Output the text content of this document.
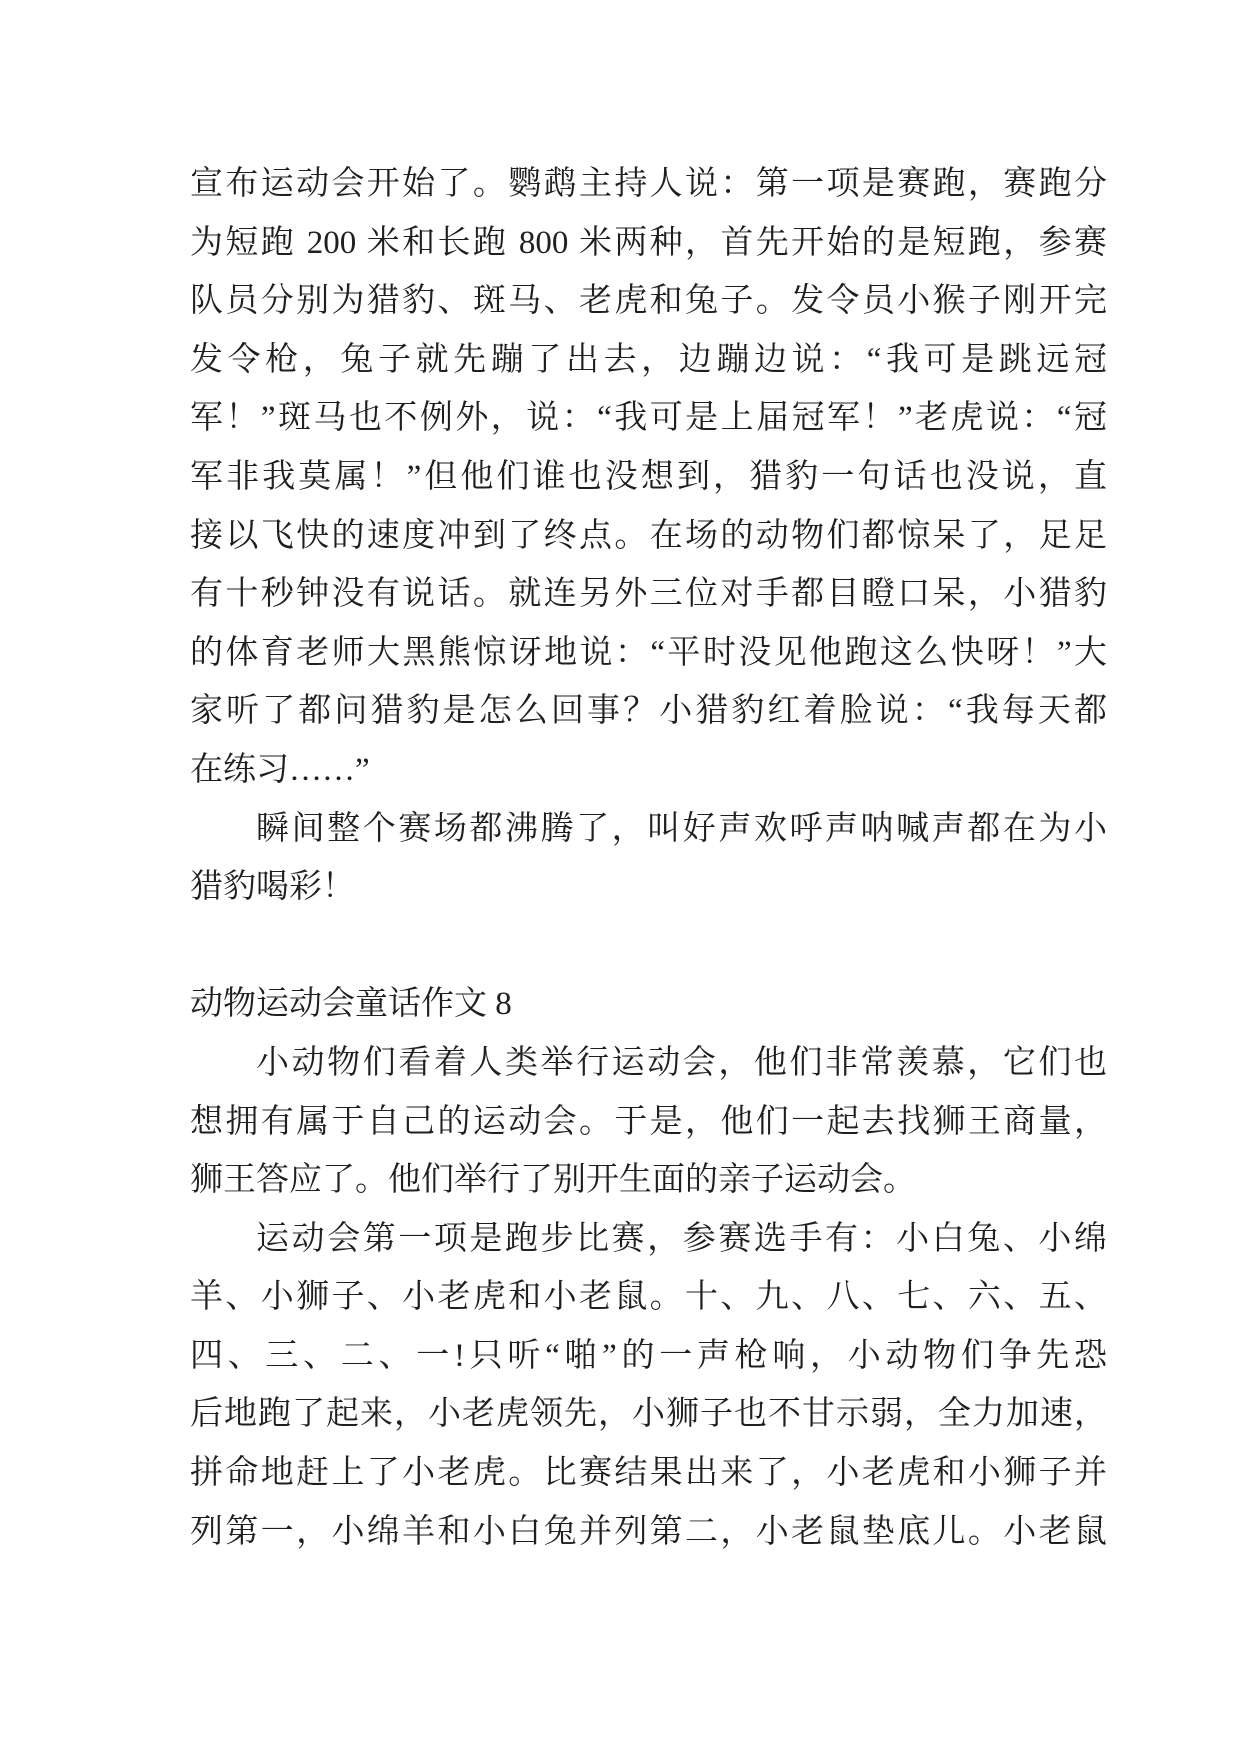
宣布运动会开始了。鹦鹉主持人说：第一项是赛跑，赛跑分
为短跑 200 米和长跑 800 米两种，首先开始的是短跑，参赛
队员分别为猎豹、斑马、老虎和兔子。发令员小猴子刚开完
发令枪，兔子就先蹦了出去，边蹦边说：“我可是跳远冠
军！”斑马也不例外，说：“我可是上届冠军！”老虎说：“冠
军非我莫属！”但他们谁也没想到，猎豹一句话也没说，直
接以飞快的速度冲到了终点。在场的动物们都惊呆了，足足
有十秒钟没有说话。就连另外三位对手都目瞪口呆，小猎豹
的体育老师大黑熊惊讶地说：“平时没见他跑这么快呀！”大
家听了都问猎豹是怎么回事？小猎豹红着脸说：“我每天都
在练习……”
瞬间整个赛场都沸腾了，叫好声欢呼声呐喊声都在为小
猎豹喝彩！
动物运动会童话作文 8
小动物们看着人类举行运动会，他们非常羡慕，它们也
想拥有属于自己的运动会。于是，他们一起去找狮王商量，
狮王答应了。他们举行了别开生面的亲子运动会。
运动会第一项是跑步比赛，参赛选手有：小白兔、小绵
羊、小狮子、小老虎和小老鼠。十、九、八、七、六、五、
四、三、二、一!只听“啪”的一声枪响，小动物们争先恐
后地跑了起来，小老虎领先，小狮子也不甘示弱，全力加速，
拼命地赶上了小老虎。比赛结果出来了，小老虎和小狮子并
列第一，小绵羊和小白兔并列第二，小老鼠垫底儿。小老鼠
